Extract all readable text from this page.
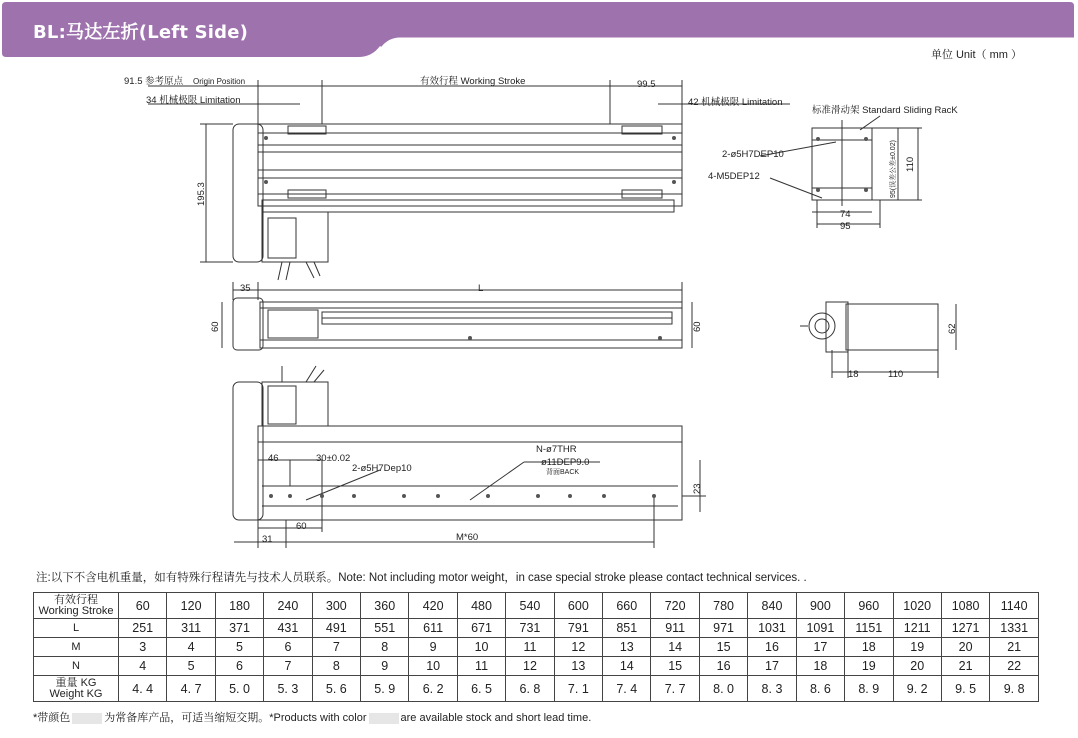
BL:马达左折(Left Side)
单位 Unit（ mm ）
91.5 参考原点 Origin Position	有效行程 Working Stroke	99.5
34 机械极限 Limitation	42 机械极限 Limitation
标准滑动架 Standard Sliding RacK
195.3
2-ø5H7DEP10
4-M5DEP12
74
95
110
95(误差公差±0.02)
35	L
60	60
18	110
62
46	30±0.02
2-ø5H7Dep10
N-ø7THR
ø11DEP9.0
背面BACK
23
60
31	M*60
注:以下不含电机重量，如有特殊行程请先与技术人员联系。Note: Not including motor weight，in case special stroke please contact technical services. .
有效行程
Working Stroke	60	120	180	240	300	360	420	480	540	600	660	720	780	840	900	960	1020	1080	1140

L	251	311	371	431	491	551	611	671	731	791	851	911	971	1031	1091	1151	1211	1271	1331

M	3	4	5	6	7	8	9	10	11	12	13	14	15	16	17	18	19	20	21

N	4	5	6	7	8	9	10	11	12	13	14	15	16	17	18	19	20	21	22

重量 KG
Weight KG	4. 4	4. 7	5. 0	5. 3	5. 6	5. 9	6. 2	6. 5	6. 8	7. 1	7. 4	7. 7	8. 0	8. 3	8. 6	8. 9	9. 2	9. 5	9. 8
*带颜色	为常备库产品，可适当缩短交期。*Products with color	are available stock and short lead time.
